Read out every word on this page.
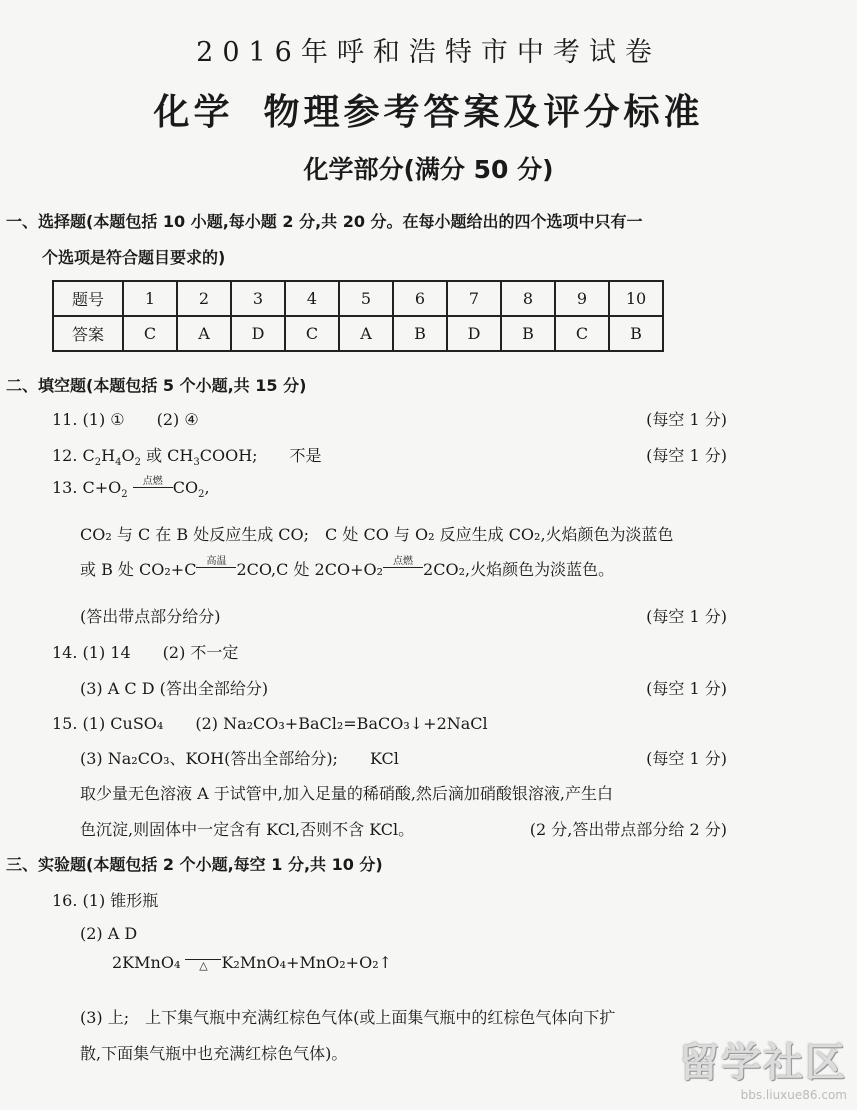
2016年呼和浩特市中考试卷
化学 物理参考答案及评分标准
化学部分(满分 50 分)
一、选择题(本题包括 10 小题,每小题 2 分,共 20 分。在每小题给出的四个选项中只有一
个选项是符合题目要求的)
题号	1	2	3	4	5	6	7	8	9	10
答案	C	A	D	C	A	B	D	B	C	B
二、填空题(本题包括 5 个小题,共 15 分)
11. (1) ①　　(2) ④	(每空 1 分)
12. $C_2H_4O_2$ 或 $CH_3COOH$;　　不是	(每空 1 分)
13. $C+O_2$
点燃
$CO_2$,
CO₂ 与 C 在 B 处反应生成 CO;　C 处 CO 与 O₂ 反应生成 CO₂,火焰颜色为淡蓝色
或 B 处 CO₂+C	高温
2CO,C 处 2CO+O₂	点燃
2CO₂,火焰颜色为淡蓝色。
(答出带点部分给分)	(每空 1 分)
14. (1) 14　　(2) 不一定
(3) A C D (答出全部给分)	(每空 1 分)
15. (1) CuSO₄　　(2) Na₂CO₃+BaCl₂=BaCO₃↓+2NaCl
(3) Na₂CO₃、KOH(答出全部给分);　　KCl	(每空 1 分)
取少量无色溶液 A 于试管中,加入足量的稀硝酸,然后滴加硝酸银溶液,产生白
色沉淀,则固体中一定含有 KCl,否则不含 KCl。	(2 分,答出带点部分给 2 分)
三、实验题(本题包括 2 个小题,每空 1 分,共 10 分)
16. (1) 锥形瓶
(2) A D
2KMnO₄
	△ K₂MnO₄+MnO₂+O₂↑
(3) 上;　上下集气瓶中充满红棕色气体(或上面集气瓶中的红棕色气体向下扩
散,下面集气瓶中也充满红棕色气体)。	留学社区
bbs.liuxue86.com
